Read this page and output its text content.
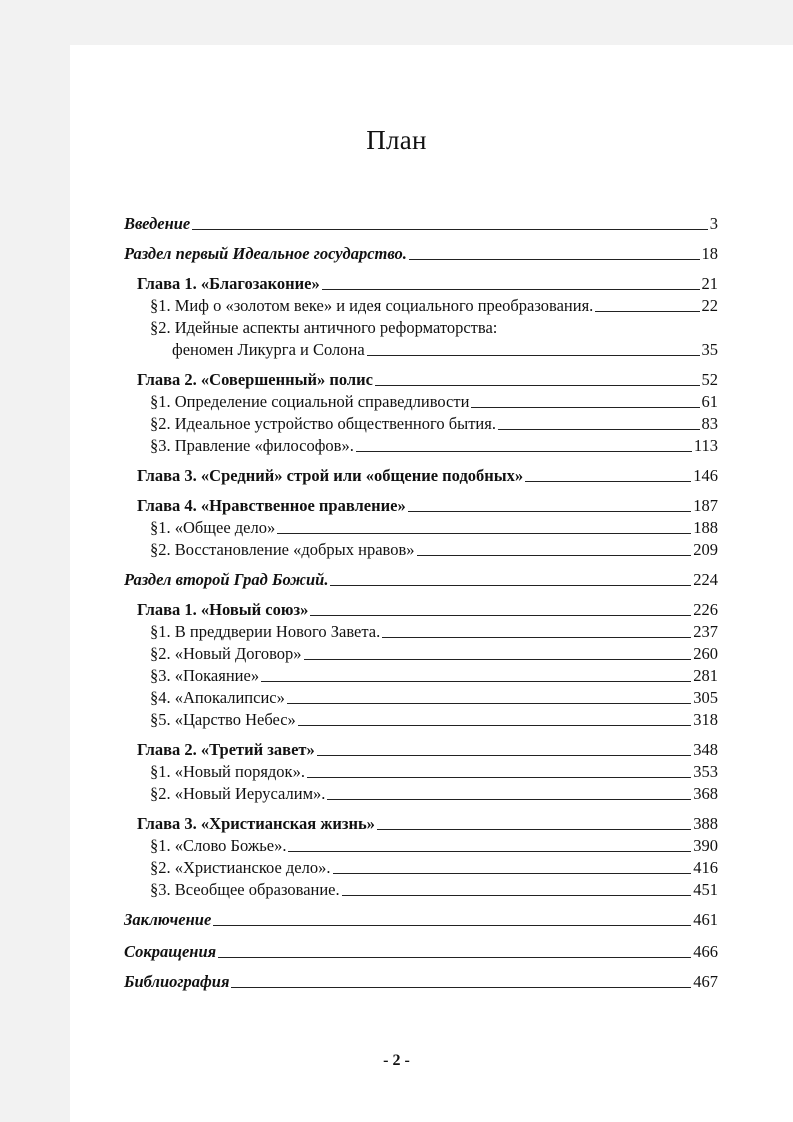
План
Введение	3
Раздел первый Идеальное государство.	18
Глава 1. «Благозаконие»	21
§1. Миф о «золотом веке» и идея социального преобразования.	22
§2. Идейные аспекты античного реформаторства:
феномен Ликурга и Солона	35
Глава 2. «Совершенный» полис	52
§1. Определение социальной справедливости	61
§2. Идеальное устройство общественного бытия.	83
§3. Правление «философов».	113
Глава 3. «Средний» строй или «общение подобных»	146
Глава 4. «Нравственное правление»	187
§1. «Общее дело»	188
§2. Восстановление «добрых нравов»	209
Раздел второй Град Божий.	224
Глава 1. «Новый союз»	226
§1. В преддверии Нового Завета.	237
§2. «Новый Договор»	260
§3. «Покаяние»	281
§4. «Апокалипсис»	305
§5. «Царство Небес»	318
Глава 2. «Третий завет»	348
§1. «Новый порядок».	353
§2. «Новый Иерусалим».	368
Глава 3. «Христианская жизнь»	388
§1. «Слово Божье».	390
§2. «Христианское дело».	416
§3. Всеобщее образование.	451
Заключение	461
Сокращения	466
Библиография	467
- 2 -
